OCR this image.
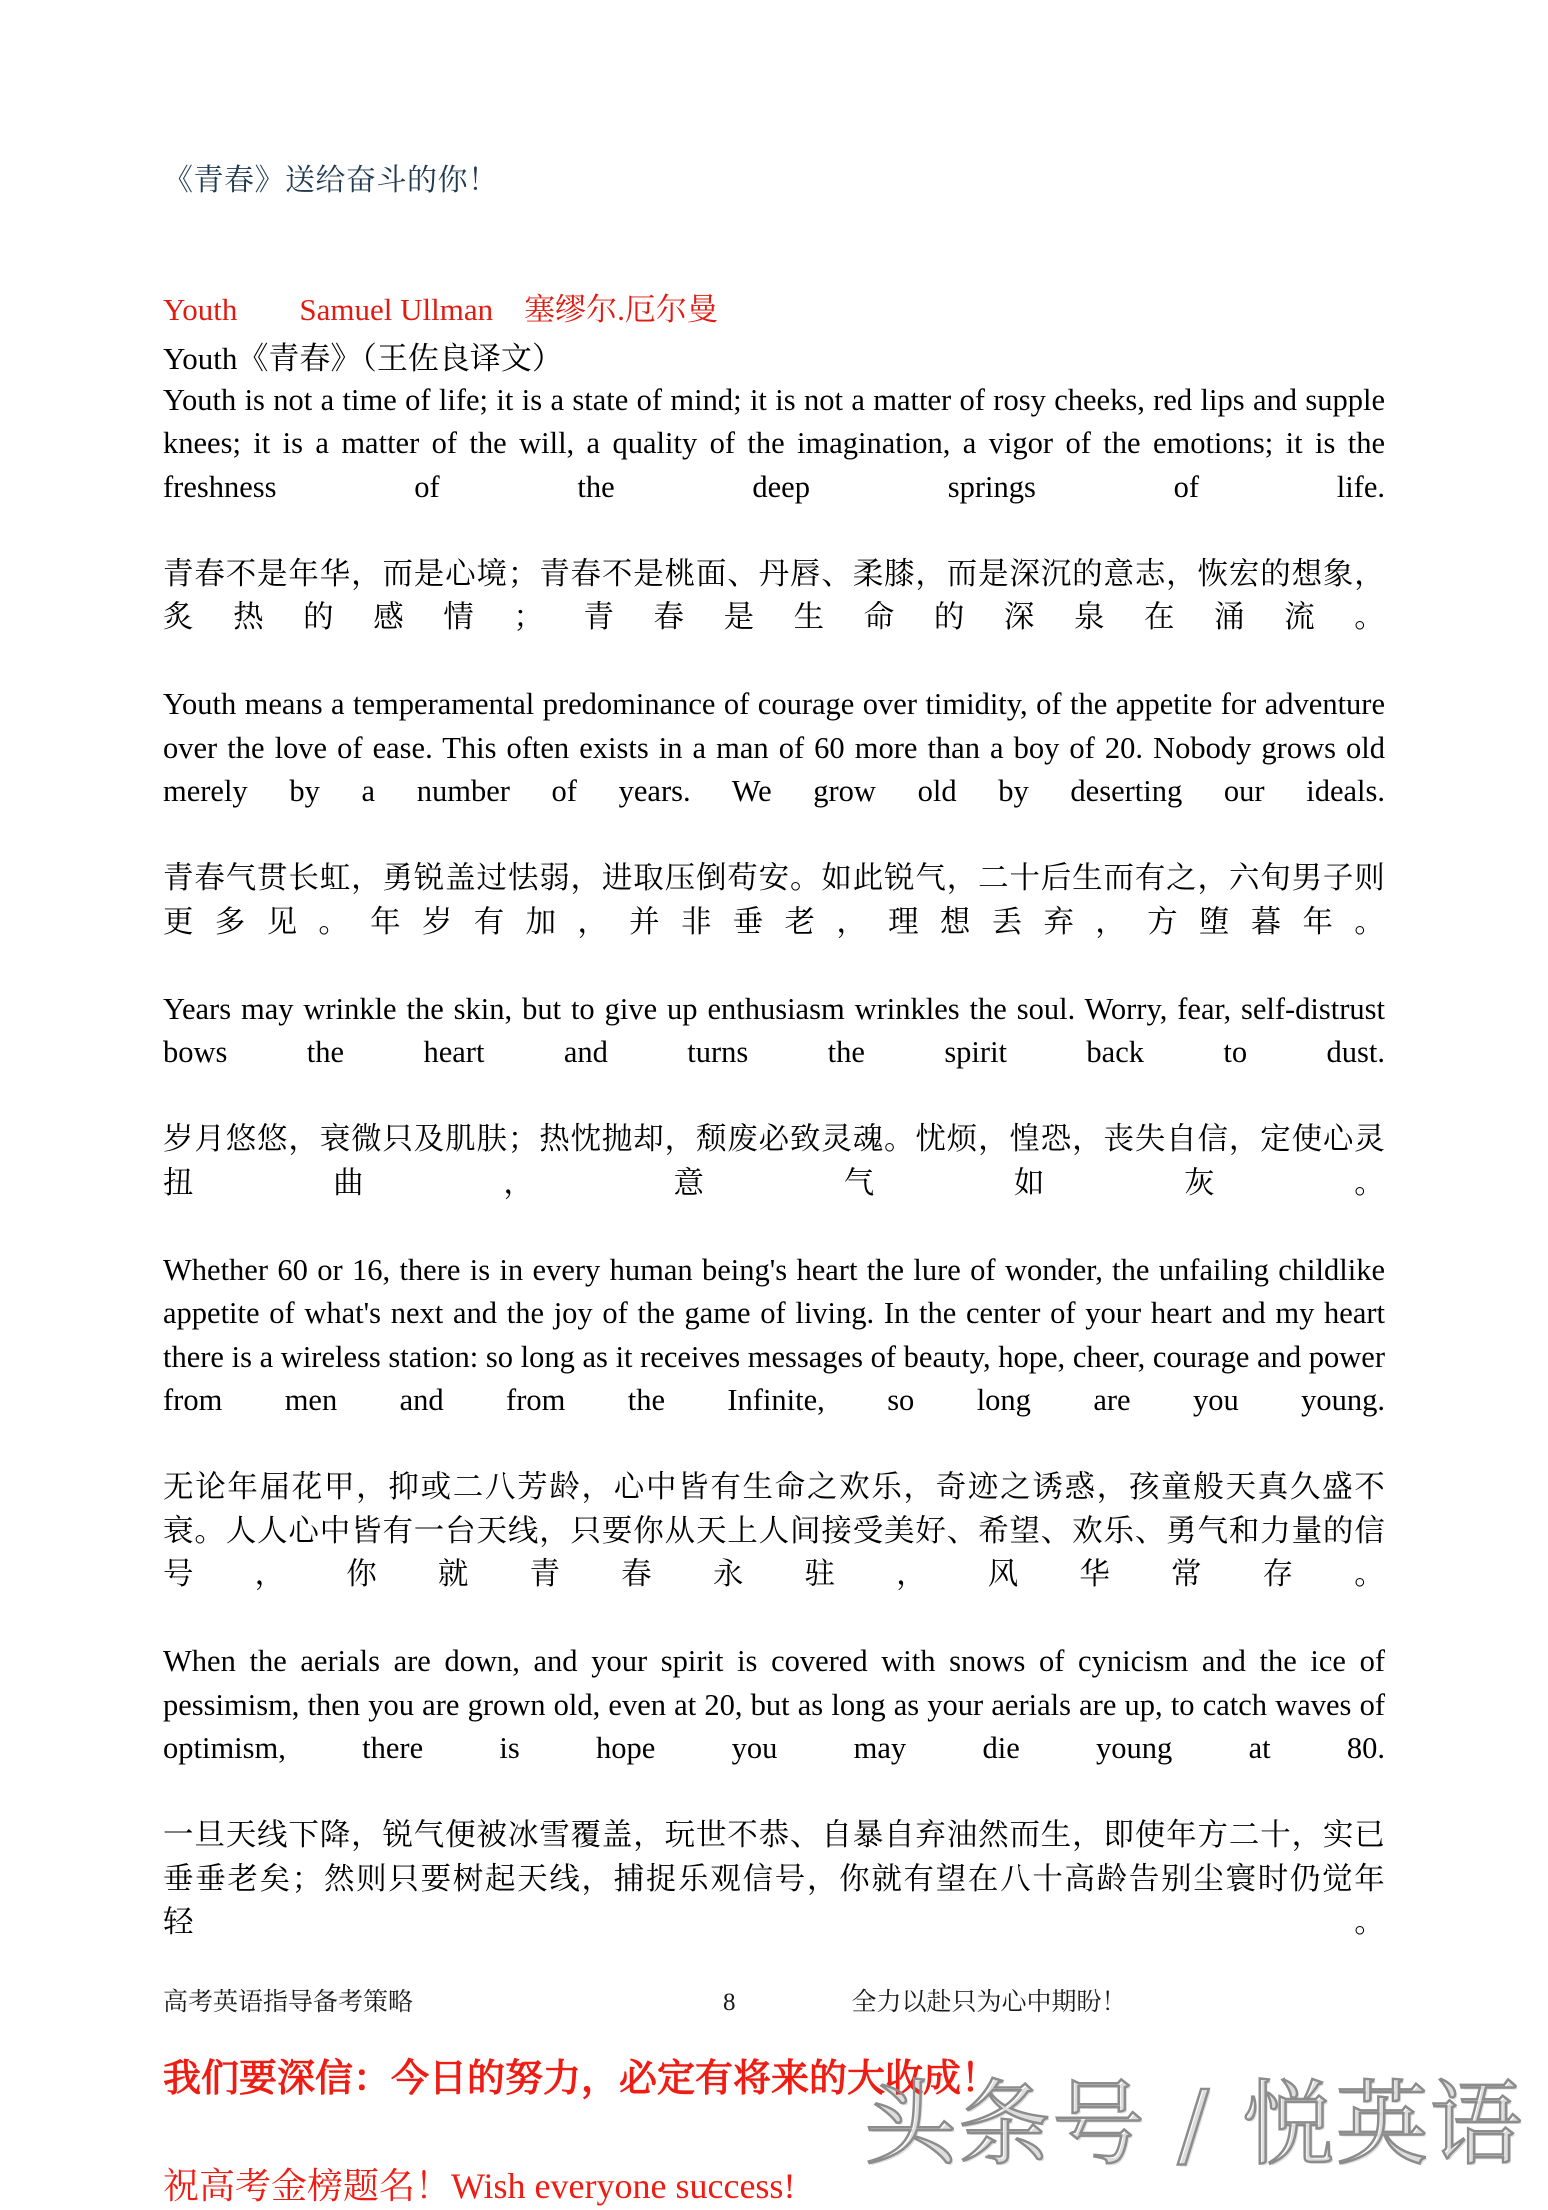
《青春》送给奋斗的你！
Youth　　Samuel Ullman　塞缪尔.厄尔曼
Youth《青春》（王佐良译文）

Youth is not a time of life; it is a state of mind; it is not a matter of rosy cheeks, red lips and supple knees; it is a matter of the will, a quality of the imagination, a vigor of the emotions; it is the freshness of the deep springs of life.

青春不是年华，而是心境；青春不是桃面、丹唇、柔膝，而是深沉的意志，恢宏的想象，炙热的感情；青春是生命的深泉在涌流。

Youth means a temperamental predominance of courage over timidity, of the appetite for adventure over the love of ease. This often exists in a man of 60 more than a boy of 20. Nobody grows old merely by a number of years. We grow old by deserting our ideals.

青春气贯长虹，勇锐盖过怯弱，进取压倒苟安。如此锐气，二十后生而有之，六旬男子则更多见。年岁有加，并非垂老，理想丢弃，方堕暮年。

Years may wrinkle the skin, but to give up enthusiasm wrinkles the soul. Worry, fear, self-distrust bows the heart and turns the spirit back to dust.

岁月悠悠，衰微只及肌肤；热忱抛却，颓废必致灵魂。忧烦，惶恐，丧失自信，定使心灵扭曲，意气如灰。

Whether 60 or 16, there is in every human being's heart the lure of wonder, the unfailing childlike appetite of what's next and the joy of the game of living. In the center of your heart and my heart there is a wireless station: so long as it receives messages of beauty, hope, cheer, courage and power from men and from the Infinite, so long are you young.

无论年届花甲，抑或二八芳龄，心中皆有生命之欢乐，奇迹之诱惑，孩童般天真久盛不衰。人人心中皆有一台天线，只要你从天上人间接受美好、希望、欢乐、勇气和力量的信号，你就青春永驻，风华常存。

When the aerials are down, and your spirit is covered with snows of cynicism and the ice of pessimism, then you are grown old, even at 20, but as long as your aerials are up, to catch waves of optimism, there is hope you may die young at 80.

一旦天线下降，锐气便被冰雪覆盖，玩世不恭、自暴自弃油然而生，即使年方二十，实已垂垂老矣；然则只要树起天线，捕捉乐观信号，你就有望在八十高龄告别尘寰时仍觉年轻。

我们要深信：今日的努力，必定有将来的大收成！
祝高考金榜题名！Wish everyone success!
高考英语指导备考策略	8	全力以赴只为心中期盼！
头条号 / 悦英语
